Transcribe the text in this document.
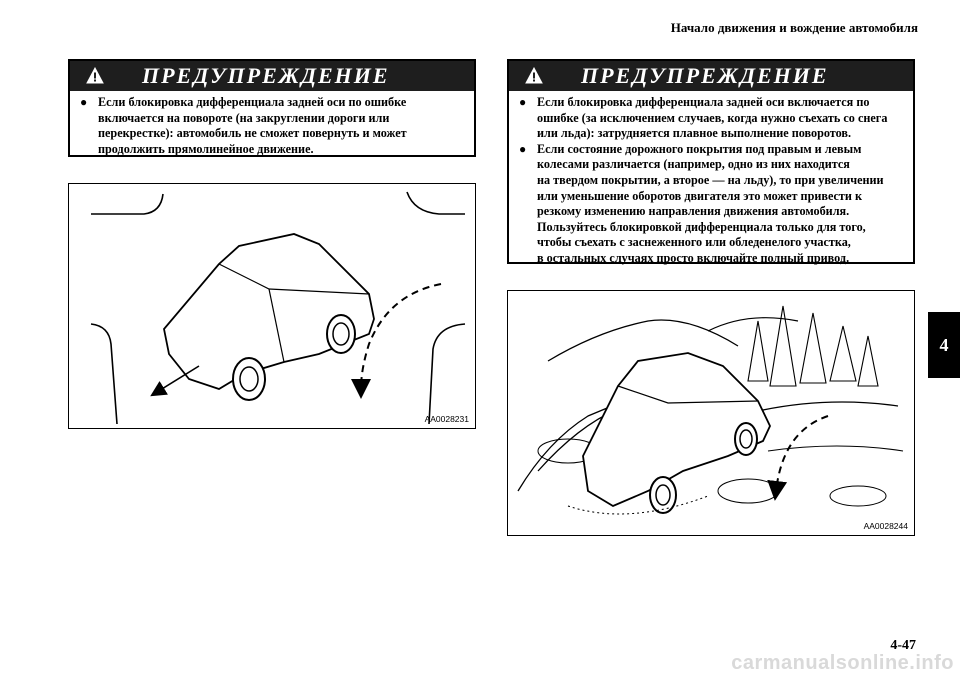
Начало движения и вождение автомобиля
ПРЕДУПРЕЖДЕНИЕ
● Если блокировка дифференциала задней оси по ошибке
включается на повороте (на закруглении дороги или
перекрестке): автомобиль не сможет повернуть и может
продолжить прямолинейное движение.
ПРЕДУПРЕЖДЕНИЕ
● Если блокировка дифференциала задней оси включается по
ошибке (за исключением случаев, когда нужно съехать со снега
или льда): затрудняется плавное выполнение поворотов.
● Если состояние дорожного покрытия под правым и левым
колесами различается (например, одно из них находится
на твердом покрытии, а второе — на льду), то при увеличении
или уменьшение оборотов двигателя это может привести к
резкому изменению направления движения автомобиля.
Пользуйтесь блокировкой дифференциала только для того,
чтобы съехать с заснеженного или обледенелого участка,
в остальных случаях просто включайте полный привод.
AA0028231
AA0028244
4
4-47
carmanualsonline.info
